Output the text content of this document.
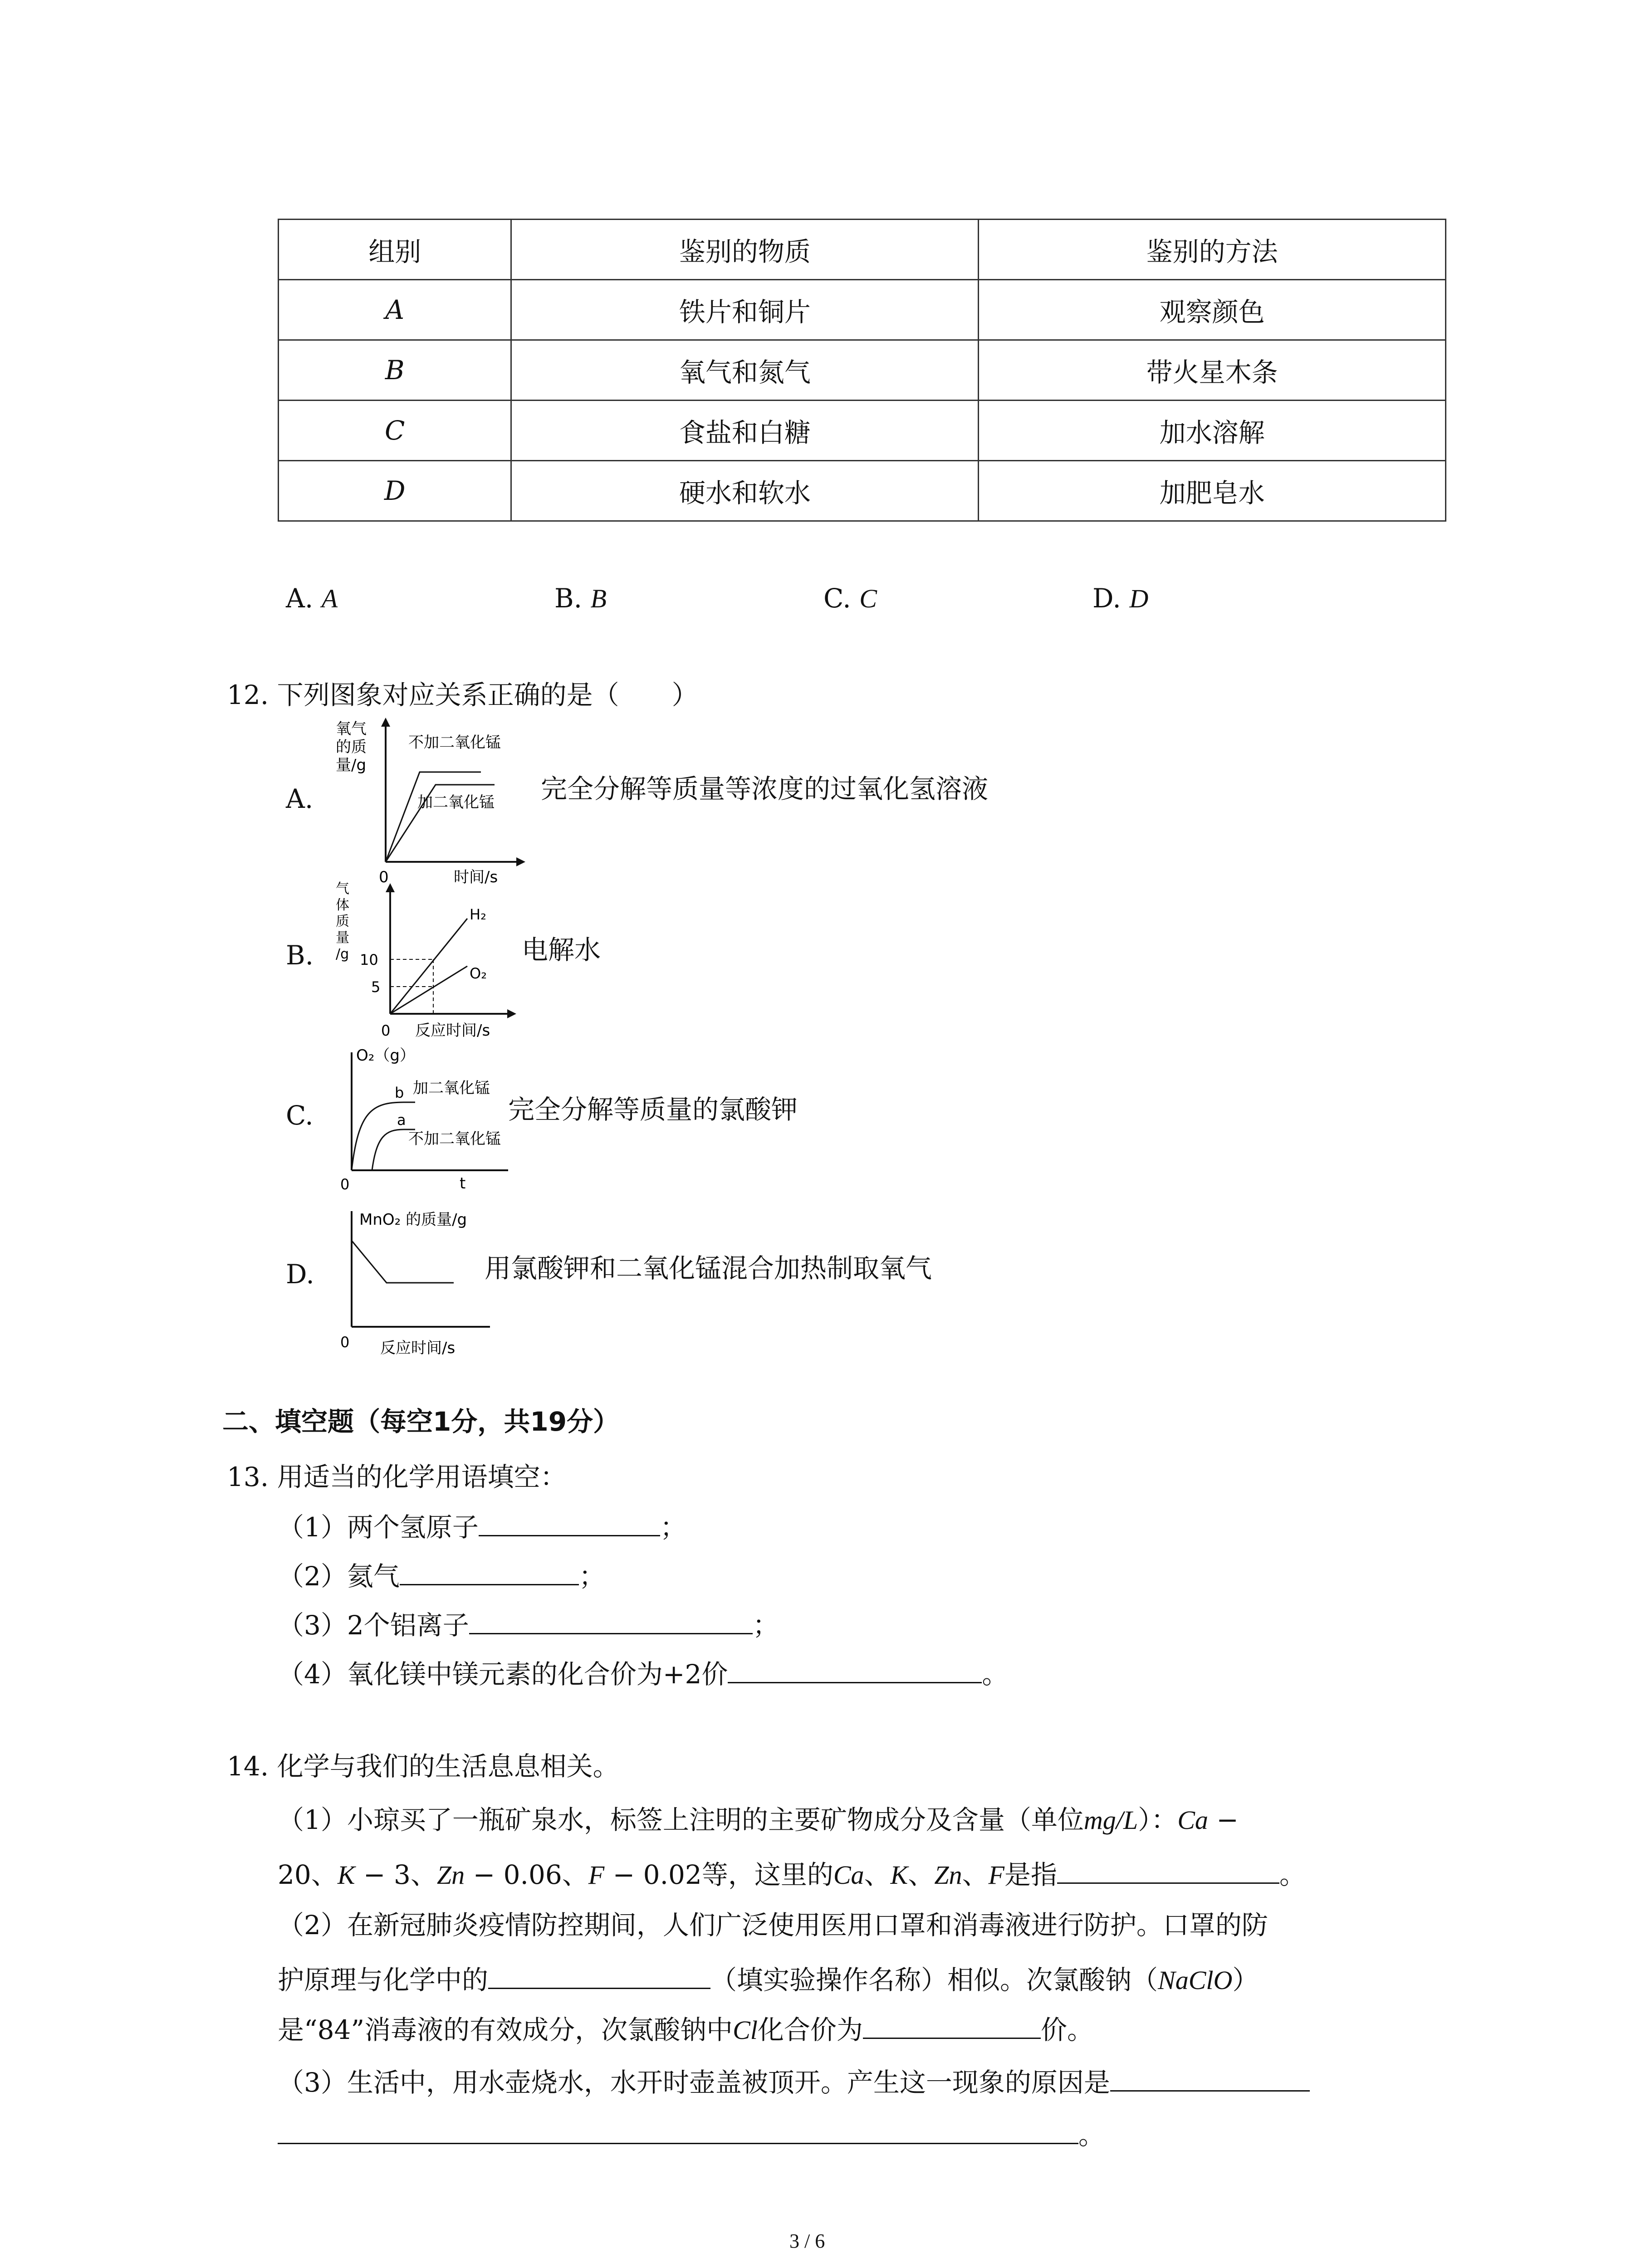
组别	鉴别的物质	鉴别的方法
A	铁片和铜片	观察颜色
B	氧气和氮气	带火星木条
C	食盐和白糖	加水溶解
D	硬水和软水	加肥皂水
A. A	B. B	C. C	D. D
12. 下列图象对应关系正确的是（　　）
A.
氧气
的质
量/g
不加二氧化锰
加二氧化锰
0	时间/s
完全分解等质量等浓度的过氧化氢溶液
B.
气
体
质
量
/g 10
5
H₂
O₂
0 反应时间/s
电解水
C.
O₂（g）
b
a
加二氧化锰
不加二氧化锰
0	t
完全分解等质量的氯酸钾
D.
MnO₂ 的质量/g
0 反应时间/s
用氯酸钾和二氧化锰混合加热制取氧气
二、填空题（每空1分，共19分）
13. 用适当的化学用语填空：
（1）两个氢原子	；
（2）氦气	；
（3）2个铝离子	；
（4）氧化镁中镁元素的化合价为+2价	。
14. 化学与我们的生活息息相关。
（1）小琼买了一瓶矿泉水，标签上注明的主要矿物成分及含量（单位mg/L）：Ca −
20、K − 3、Zn − 0.06、F − 0.02等，这里的Ca、K、Zn、F是指	。
（2）在新冠肺炎疫情防控期间，人们广泛使用医用口罩和消毒液进行防护。口罩的防
护原理与化学中的	（填实验操作名称）相似。次氯酸钠（NaClO）
是“84”消毒液的有效成分，次氯酸钠中Cl化合价为	价。
（3）生活中，用水壶烧水，水开时壶盖被顶开。产生这一现象的原因是
。
3 / 6
